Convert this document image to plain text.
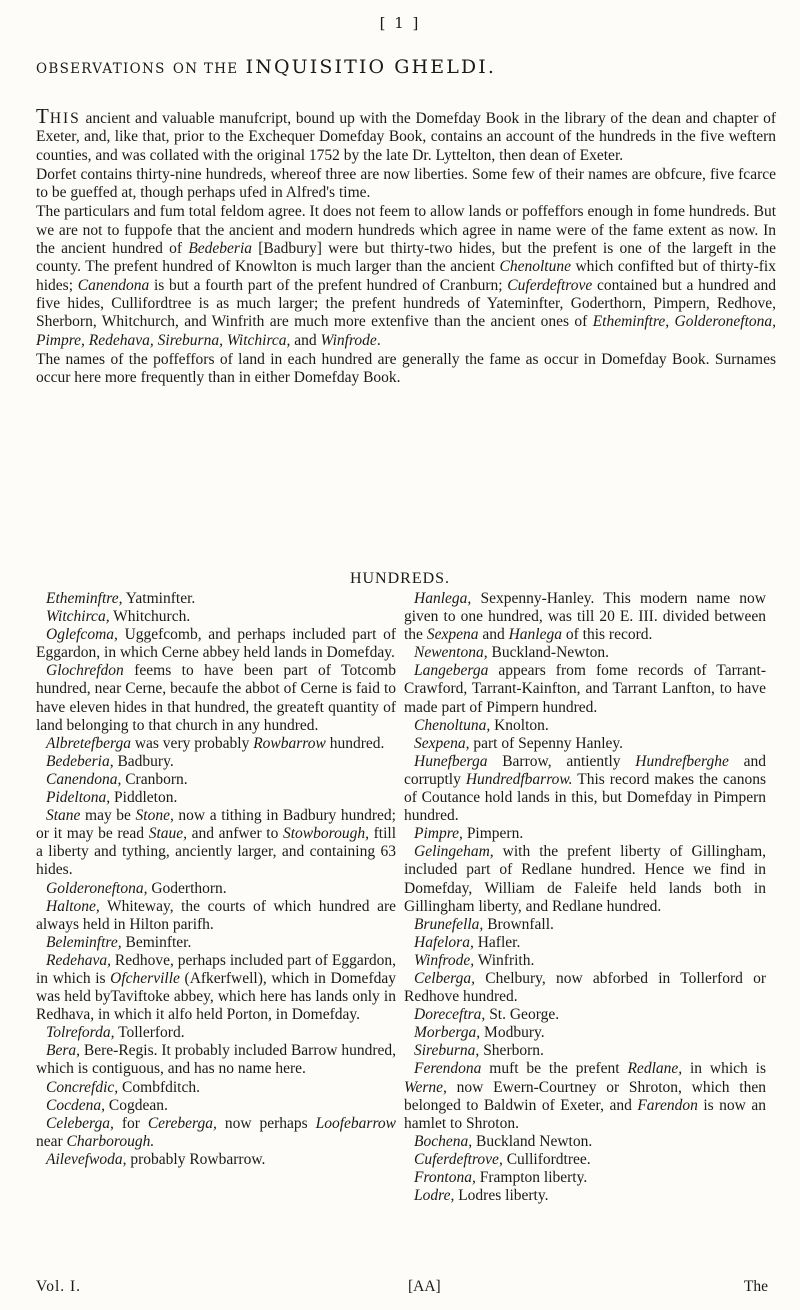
[ 1 ]
OBSERVATIONS ON THE INQUISITIO GHELDI.

THIS ancient and valuable manufcript, bound up with the Domefday Book in the library of the dean and chapter of Exeter, and, like that, prior to the Exchequer Domefday Book, contains an account of the hundreds in the five weftern counties, and was collated with the original 1752 by the late Dr. Lyttelton, then dean of Exeter.

Dorfet contains thirty-nine hundreds, whereof three are now liberties. Some few of their names are obfcure, five fcarce to be gueffed at, though perhaps ufed in Alfred's time.

The particulars and fum total feldom agree. It does not feem to allow lands or poffeffors enough in fome hundreds. But we are not to fuppofe that the ancient and modern hundreds which agree in name were of the fame extent as now. In the ancient hundred of Bedeberia [Badbury] were but thirty-two hides, but the prefent is one of the largeft in the county. The prefent hundred of Knowlton is much larger than the ancient Chenoltune which confifted but of thirty-fix hides; Canendona is but a fourth part of the prefent hundred of Cranburn; Cuferdeftrove contained but a hundred and five hides, Cullifordtree is as much larger; the prefent hundreds of Yateminfter, Goderthorn, Pimpern, Redhove, Sherborn, Whitchurch, and Winfrith are much more extenfive than the ancient ones of Etheminftre, Golderoneftona, Pimpre, Redehava, Sireburna, Witchirca, and Winfrode.

The names of the poffeffors of land in each hundred are generally the fame as occur in Domefday Book. Surnames occur here more frequently than in either Domefday Book.

HUNDREDS.

Etheminftre, Yatminfter.

Witchirca, Whitchurch.

Oglefcoma, Uggefcomb, and perhaps included part of Eggardon, in which Cerne abbey held lands in Domefday.

Glochrefdon feems to have been part of Totcomb hundred, near Cerne, becaufe the abbot of Cerne is faid to have eleven hides in that hundred, the greateft quantity of land belonging to that church in any hundred.

Albretefberga was very probably Rowbarrow hundred.

Bedeberia, Badbury.

Canendona, Cranborn.

Pideltona, Piddleton.

Stane may be Stone, now a tithing in Badbury hundred; or it may be read Staue, and anfwer to Stowborough, ftill a liberty and tything, anciently larger, and containing 63 hides.

Golderoneftona, Goderthorn.

Haltone, Whiteway, the courts of which hundred are always held in Hilton parifh.

Beleminftre, Beminfter.

Redehava, Redhove, perhaps included part of Eggardon, in which is Ofcherville (Afkerfwell), which in Domefday was held byTaviftoke abbey, which here has lands only in Redhava, in which it alfo held Porton, in Domefday.

Tolreforda, Tollerford.

Bera, Bere-Regis. It probably included Barrow hundred, which is contiguous, and has no name here.

Concrefdic, Combfditch.

Cocdena, Cogdean.

Celeberga, for Cereberga, now perhaps Loofebarrow near Charborough.

Ailevefwoda, probably Rowbarrow.

Hanlega, Sexpenny-Hanley. This modern name now given to one hundred, was till 20 E. III. divided between the Sexpena and Hanlega of this record.

Newentona, Buckland-Newton.

Langeberga appears from fome records of Tarrant-Crawford, Tarrant-Kainfton, and Tarrant Lanfton, to have made part of Pimpern hundred.

Chenoltuna, Knolton.

Sexpena, part of Sepenny Hanley.

Hunefberga Barrow, antiently Hundrefberghe and corruptly Hundredfbarrow. This record makes the canons of Coutance hold lands in this, but Domefday in Pimpern hundred.

Pimpre, Pimpern.

Gelingeham, with the prefent liberty of Gillingham, included part of Redlane hundred. Hence we find in Domefday, William de Faleife held lands both in Gillingham liberty, and Redlane hundred.

Brunefella, Brownfall.

Hafelora, Hafler.

Winfrode, Winfrith.

Celberga, Chelbury, now abforbed in Tollerford or Redhove hundred.

Doreceftra, St. George.

Morberga, Modbury.

Sireburna, Sherborn.

Ferendona muft be the prefent Redlane, in which is Werne, now Ewern-Courtney or Shroton, which then belonged to Baldwin of Exeter, and Farendon is now an hamlet to Shroton.

Bochena, Buckland Newton.

Cuferdeftrove, Cullifordtree.

Frontona, Frampton liberty.

Lodre, Lodres liberty.

Vol. I.	[AA]	The
